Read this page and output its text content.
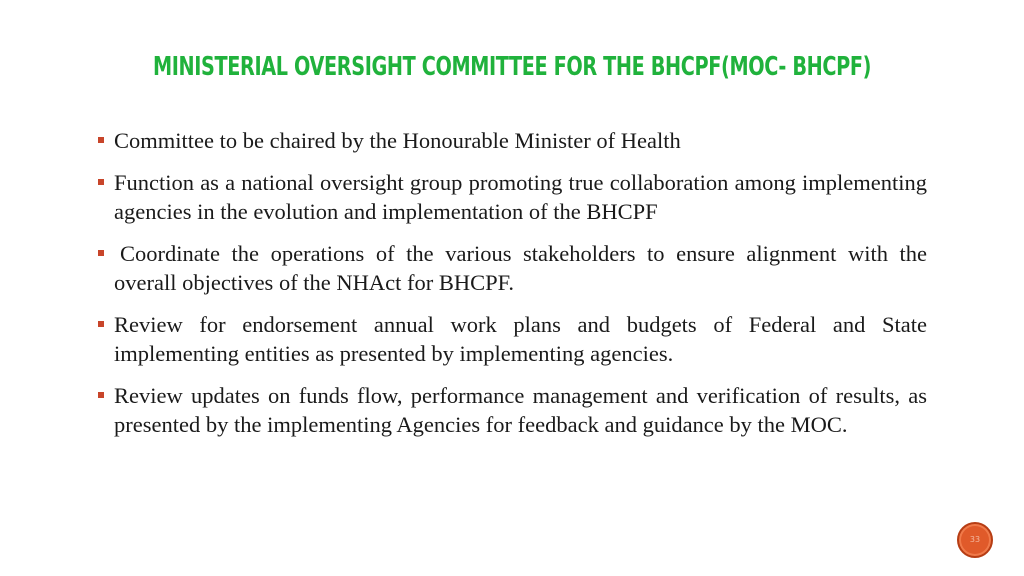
MINISTERIAL OVERSIGHT COMMITTEE FOR THE BHCPF(MOC- BHCPF)
Committee to be chaired by the Honourable Minister of Health
Function as a national oversight group promoting true collaboration among implementing agencies in the evolution and implementation of the BHCPF
Coordinate the operations of the various stakeholders to ensure alignment with the overall objectives of the NHAct for BHCPF.
Review for endorsement annual work plans and budgets of Federal and State implementing entities as presented by implementing agencies.
Review updates on funds flow, performance management and verification of results, as presented by the implementing Agencies for feedback and guidance by the MOC.
33
